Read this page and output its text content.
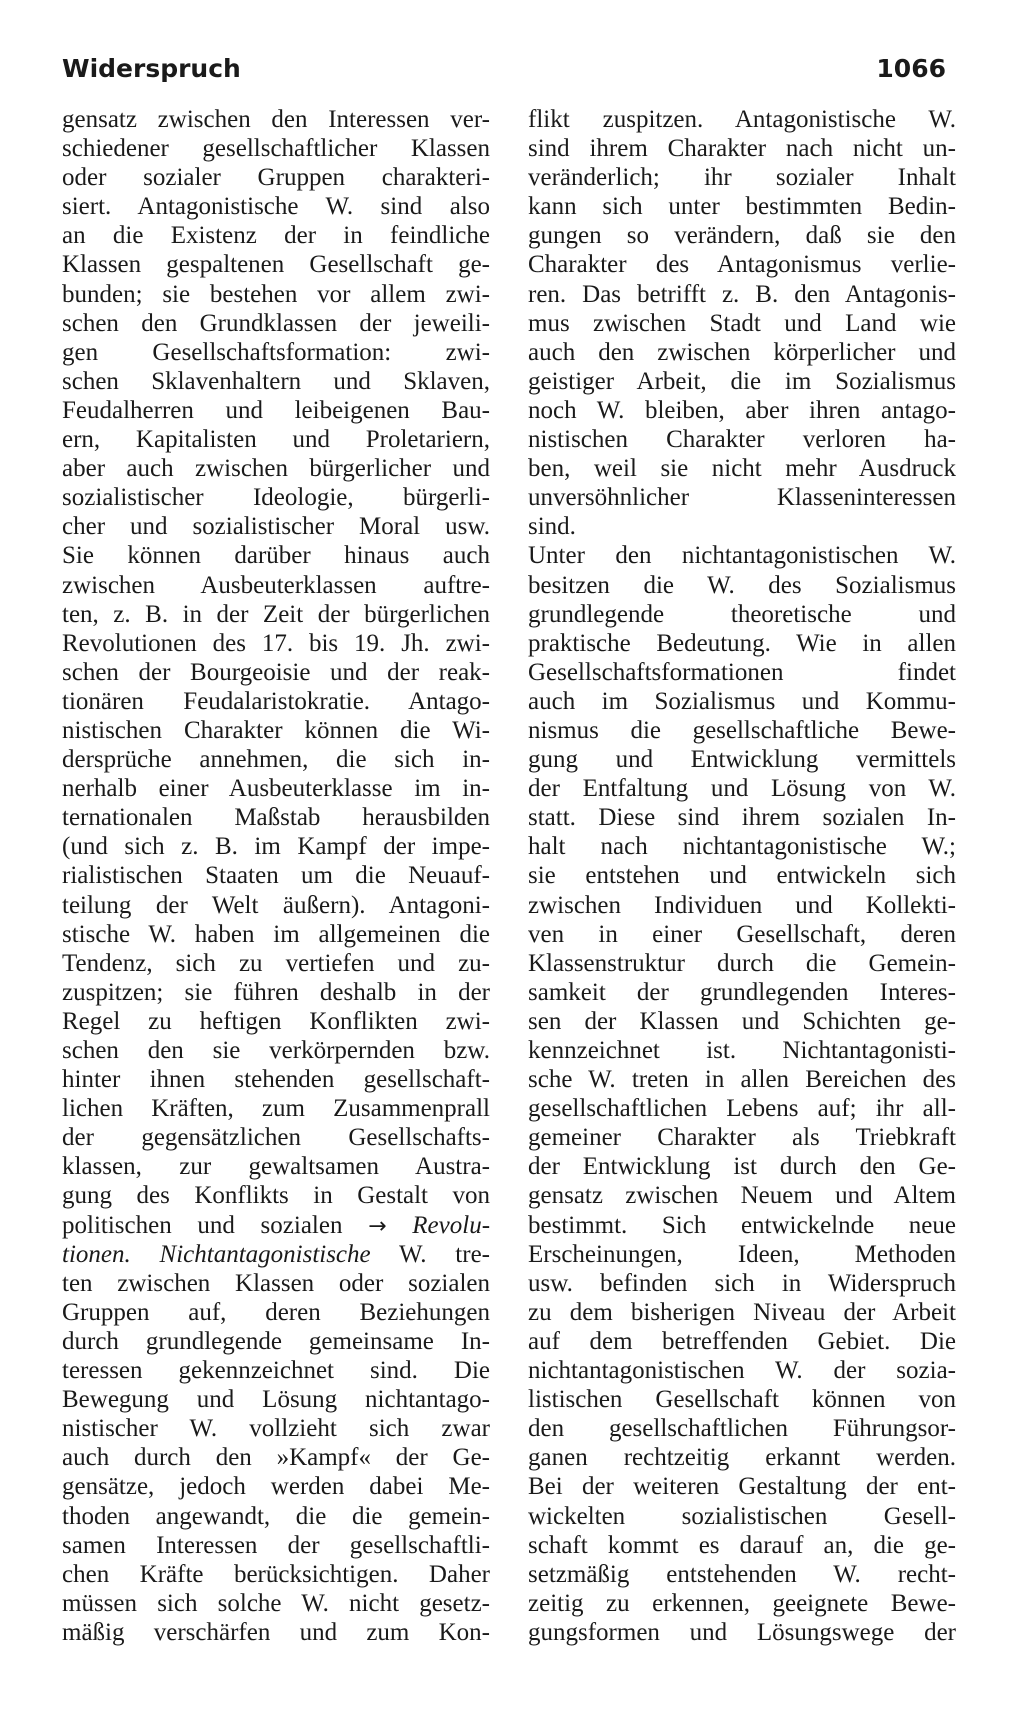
Widerspruch	1066
gensatz zwischen den Interessen ver-
schiedener gesellschaftlicher Klassen
oder sozialer Gruppen charakteri-
siert. Antagonistische W. sind also
an die Existenz der in feindliche
Klassen gespaltenen Gesellschaft ge-
bunden; sie bestehen vor allem zwi-
schen den Grundklassen der jeweili-
gen Gesellschaftsformation: zwi-
schen Sklavenhaltern und Sklaven,
Feudalherren und leibeigenen Bau-
ern, Kapitalisten und Proletariern,
aber auch zwischen bürgerlicher und
sozialistischer Ideologie, bürgerli-
cher und sozialistischer Moral usw.
Sie können darüber hinaus auch
zwischen Ausbeuterklassen auftre-
ten, z. B. in der Zeit der bürgerlichen
Revolutionen des 17. bis 19. Jh. zwi-
schen der Bourgeoisie und der reak-
tionären Feudalaristokratie. Antago-
nistischen Charakter können die Wi-
dersprüche annehmen, die sich in-
nerhalb einer Ausbeuterklasse im in-
ternationalen Maßstab herausbilden
(und sich z. B. im Kampf der impe-
rialistischen Staaten um die Neuauf-
teilung der Welt äußern). Antagoni-
stische W. haben im allgemeinen die
Tendenz, sich zu vertiefen und zu-
zuspitzen; sie führen deshalb in der
Regel zu heftigen Konflikten zwi-
schen den sie verkörpernden bzw.
hinter ihnen stehenden gesellschaft-
lichen Kräften, zum Zusammenprall
der gegensätzlichen Gesellschafts-
klassen, zur gewaltsamen Austra-
gung des Konflikts in Gestalt von
politischen und sozialen → Revolu-
tionen. Nichtantagonistische W. tre-
ten zwischen Klassen oder sozialen
Gruppen auf, deren Beziehungen
durch grundlegende gemeinsame In-
teressen gekennzeichnet sind. Die
Bewegung und Lösung nichtantago-
nistischer W. vollzieht sich zwar
auch durch den »Kampf« der Ge-
gensätze, jedoch werden dabei Me-
thoden angewandt, die die gemein-
samen Interessen der gesellschaftli-
chen Kräfte berücksichtigen. Daher
müssen sich solche W. nicht gesetz-
mäßig verschärfen und zum Kon-
flikt zuspitzen. Antagonistische W.
sind ihrem Charakter nach nicht un-
veränderlich; ihr sozialer Inhalt
kann sich unter bestimmten Bedin-
gungen so verändern, daß sie den
Charakter des Antagonismus verlie-
ren. Das betrifft z. B. den Antagonis-
mus zwischen Stadt und Land wie
auch den zwischen körperlicher und
geistiger Arbeit, die im Sozialismus
noch W. bleiben, aber ihren antago-
nistischen Charakter verloren ha-
ben, weil sie nicht mehr Ausdruck
unversöhnlicher Klasseninteressen
sind.
Unter den nichtantagonistischen W.
besitzen die W. des Sozialismus
grundlegende theoretische und
praktische Bedeutung. Wie in allen
Gesellschaftsformationen findet
auch im Sozialismus und Kommu-
nismus die gesellschaftliche Bewe-
gung und Entwicklung vermittels
der Entfaltung und Lösung von W.
statt. Diese sind ihrem sozialen In-
halt nach nichtantagonistische W.;
sie entstehen und entwickeln sich
zwischen Individuen und Kollekti-
ven in einer Gesellschaft, deren
Klassenstruktur durch die Gemein-
samkeit der grundlegenden Interes-
sen der Klassen und Schichten ge-
kennzeichnet ist. Nichtantagonisti-
sche W. treten in allen Bereichen des
gesellschaftlichen Lebens auf; ihr all-
gemeiner Charakter als Triebkraft
der Entwicklung ist durch den Ge-
gensatz zwischen Neuem und Altem
bestimmt. Sich entwickelnde neue
Erscheinungen, Ideen, Methoden
usw. befinden sich in Widerspruch
zu dem bisherigen Niveau der Arbeit
auf dem betreffenden Gebiet. Die
nichtantagonistischen W. der sozia-
listischen Gesellschaft können von
den gesellschaftlichen Führungsor-
ganen rechtzeitig erkannt werden.
Bei der weiteren Gestaltung der ent-
wickelten sozialistischen Gesell-
schaft kommt es darauf an, die ge-
setzmäßig entstehenden W. recht-
zeitig zu erkennen, geeignete Bewe-
gungsformen und Lösungswege der
